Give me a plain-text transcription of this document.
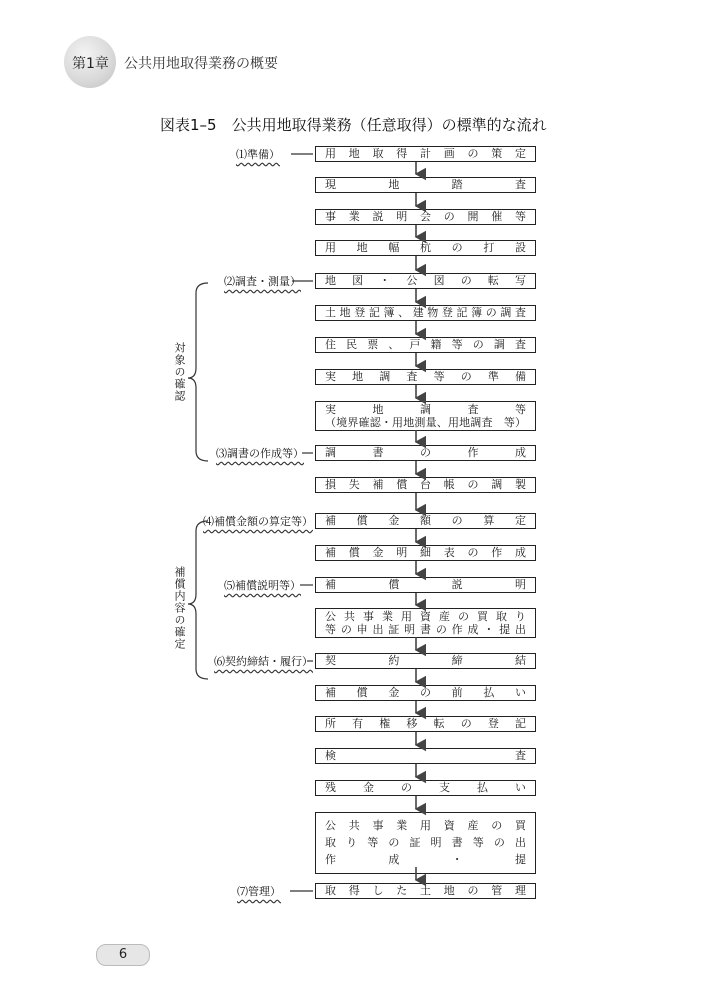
第1章 公共用地取得業務の概要
図表1–5　公共用地取得業務（任意取得）の標準的な流れ
用地取得計画の策定
現地踏査
事業説明会の開催等
用地幅杭の打設
地図・公図の転写
土地登記簿、建物登記簿の調査
住民票、戸籍等の調査
実地調査等の準備
実　地　調　査　等
（境界確認・用地測量、用地調査　等）
調書の作成
損失補償台帳の調製
補償金額の算定
補償金明細表の作成
補償説明
公共事業用資産の買取り
等の申出証明書の作成・提出
契約締結
補償金の前払い
所有権移転の登記
検査
残金の支払い
公共事業用資産の買
取り等の証明書等の出
作成・提
取得した土地の管理
⑴準備）
⑵調査・測量）
⑶調書の作成等）
⑷補償金額の算定等）
⑸補償説明等）
⑹契約締結・履行）
⑺管理）
対象の確認
補償内容の確定
6
